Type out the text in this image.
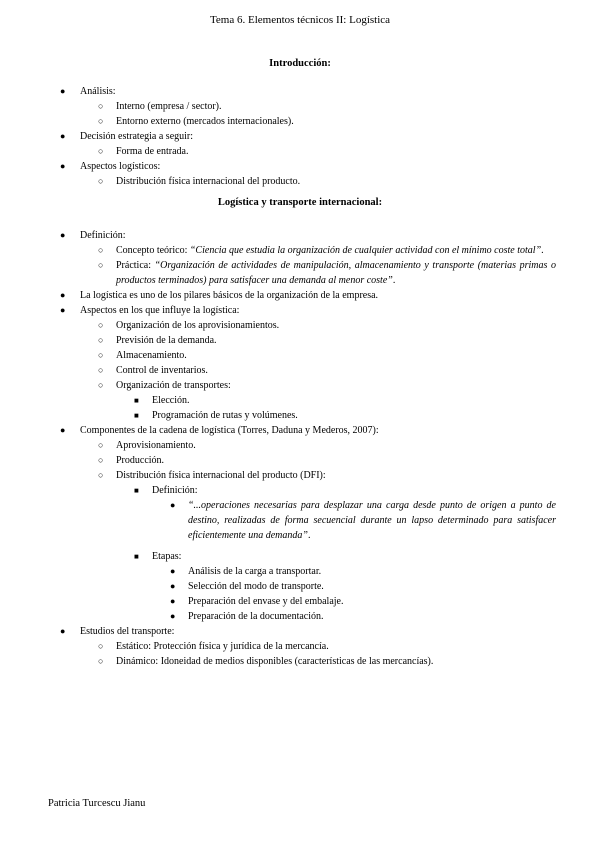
Tema 6. Elementos técnicos II: Logística
Introducción:
● Análisis:
○ Interno (empresa / sector).
○ Entorno externo (mercados internacionales).
● Decisión estrategia a seguir:
○ Forma de entrada.
● Aspectos logísticos:
○ Distribución física internacional del producto.
Logística y transporte internacional:
● Definición:
○ Concepto teórico: “Ciencia que estudia la organización de cualquier actividad con el mínimo coste total”.
○ Práctica: “Organización de actividades de manipulación, almacenamiento y transporte (materias primas o productos terminados) para satisfacer una demanda al menor coste”.
● La logística es uno de los pilares básicos de la organización de la empresa.
● Aspectos en los que influye la logística:
○ Organización de los aprovisionamientos.
○ Previsión de la demanda.
○ Almacenamiento.
○ Control de inventarios.
○ Organización de transportes:
■ Elección.
■ Programación de rutas y volúmenes.
● Componentes de la cadena de logística (Torres, Daduna y Mederos, 2007):
○ Aprovisionamiento.
○ Producción.
○ Distribución física internacional del producto (DFI):
■ Definición:
● “...operaciones necesarias para desplazar una carga desde punto de origen a punto de destino, realizadas de forma secuencial durante un lapso determinado para satisfacer eficientemente una demanda”.
■ Etapas:
● Análisis de la carga a transportar.
● Selección del modo de transporte.
● Preparación del envase y del embalaje.
● Preparación de la documentación.
● Estudios del transporte:
○ Estático: Protección física y jurídica de la mercancía.
○ Dinámico: Idoneidad de medios disponibles (características de las mercancías).
Patricia Turcescu Jianu
